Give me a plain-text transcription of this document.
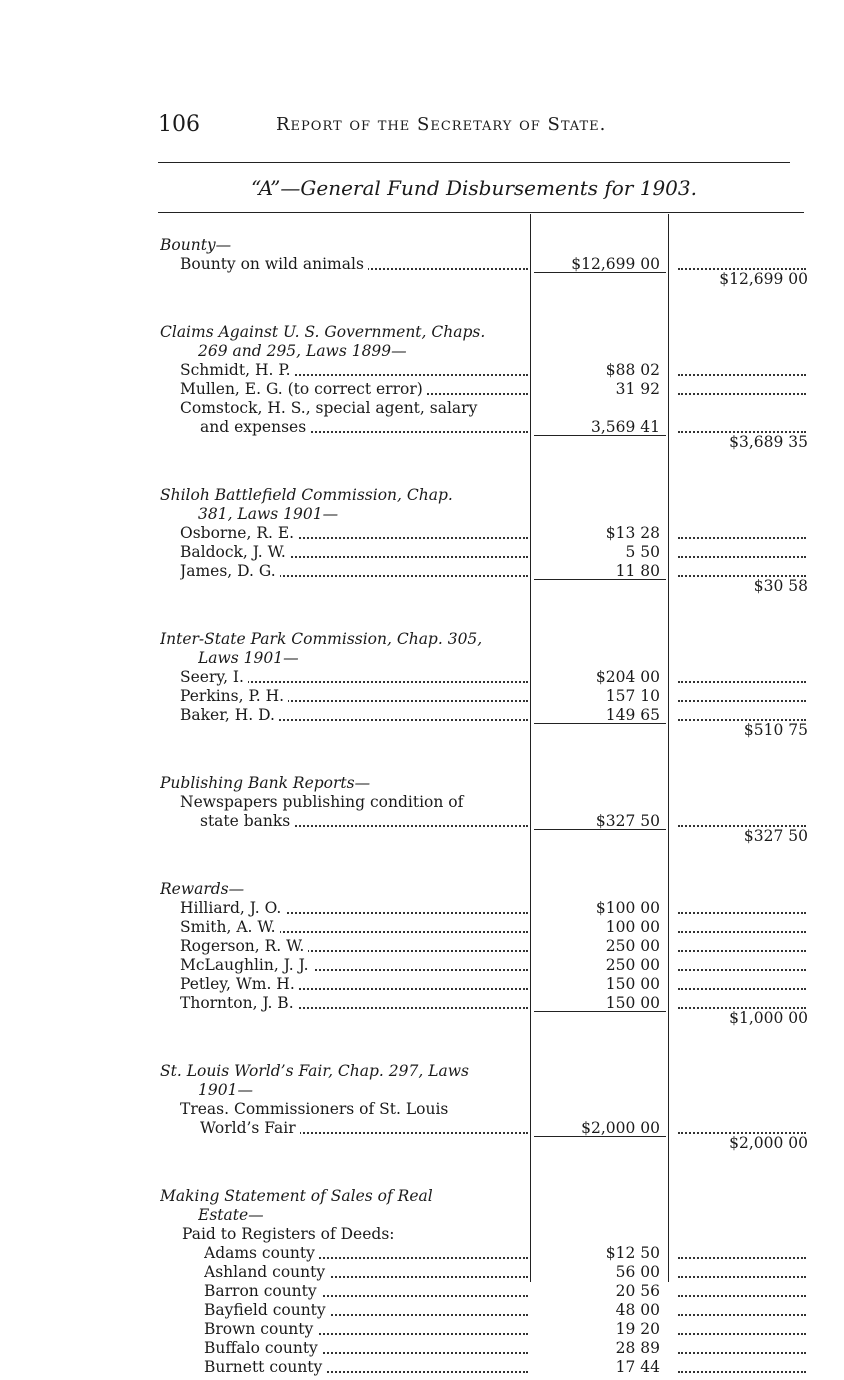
106	Report of the Secretary of State.
“A”—General Fund Disbursements for 1903.
Bounty—
Bounty on wild animals	$12,699 00
$12,699 00
Claims Against U. S. Government, Chaps.
269 and 295, Laws 1899—
Schmidt, H. P.	$88 02
Mullen, E. G. (to correct error)	31 92
Comstock, H. S., special agent, salary
and expenses	3,569 41
$3,689 35
Shiloh Battlefield Commission, Chap.
381, Laws 1901—
Osborne, R. E.	$13 28
Baldock, J. W.	5 50
James, D. G.	11 80
$30 58
Inter-State Park Commission, Chap. 305,
Laws 1901—
Seery, I.	$204 00
Perkins, P. H.	157 10
Baker, H. D.	149 65
$510 75
Publishing Bank Reports—
Newspapers publishing condition of
state banks	$327 50
$327 50
Rewards—
Hilliard, J. O.	$100 00
Smith, A. W.	100 00
Rogerson, R. W.	250 00
McLaughlin, J. J.	250 00
Petley, Wm. H.	150 00
Thornton, J. B.	150 00
$1,000 00
St. Louis World’s Fair, Chap. 297, Laws
1901—
Treas. Commissioners of St. Louis
World’s Fair	$2,000 00
$2,000 00
Making Statement of Sales of Real
Estate—
Paid to Registers of Deeds:
Adams county	$12 50
Ashland county	56 00
Barron county	20 56
Bayfield county	48 00
Brown county	19 20
Buffalo county	28 89
Burnett county	17 44
